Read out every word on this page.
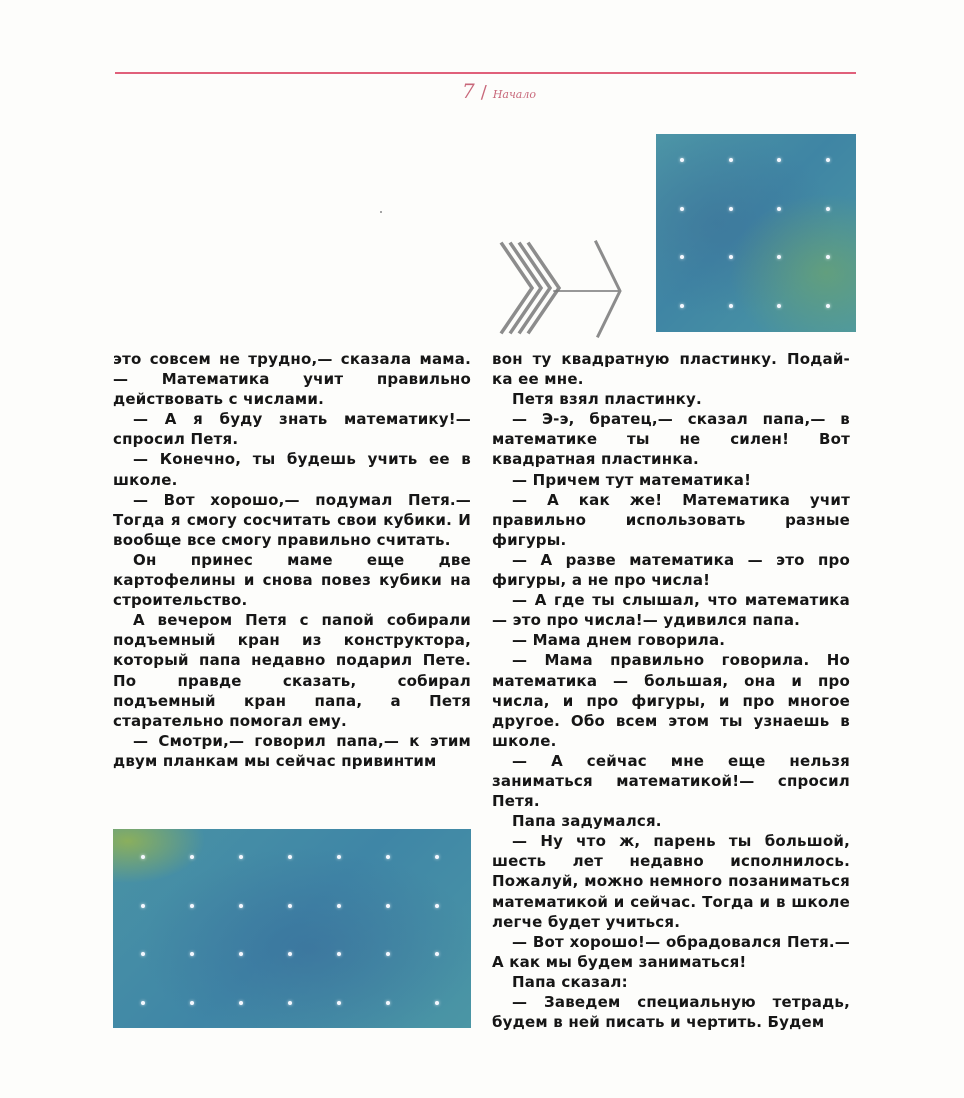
7 / Начало

это совсем не трудно,— сказала мама.— Математика учит правильно действовать с числами.

— А я буду знать математику!— спросил Петя.

— Конечно, ты будешь учить ее в школе.

— Вот хорошо,— подумал Петя.— Тогда я смогу сосчитать свои кубики. И вообще все смогу правильно считать.

Он принес маме еще две картофелины и снова повез кубики на строительство.

А вечером Петя с папой собирали подъемный кран из конструктора, который папа недавно подарил Пете. По правде сказать, собирал подъемный кран папа, а Петя старательно помогал ему.

— Смотри,— говорил папа,— к этим двум планкам мы сейчас привинтим

вон ту квадратную пластинку. Подай-ка ее мне.

Петя взял пластинку.

— Э-э, братец,— сказал папа,— в математике ты не силен! Вот квадратная пластинка.

— Причем тут математика!

— А как же! Математика учит правильно использовать разные фигуры.

— А разве математика — это про фигуры, а не про числа!

— А где ты слышал, что математика — это про числа!— удивился папа.

— Мама днем говорила.

— Мама правильно говорила. Но математика — большая, она и про числа, и про фигуры, и про многое другое. Обо всем этом ты узнаешь в школе.

— А сейчас мне еще нельзя заниматься математикой!— спросил Петя.

Папа задумался.

— Ну что ж, парень ты большой, шесть лет недавно исполнилось. Пожалуй, можно немного позаниматься математикой и сейчас. Тогда и в школе легче будет учиться.

— Вот хорошо!— обрадовался Петя.— А как мы будем заниматься!

Папа сказал:

— Заведем специальную тетрадь, будем в ней писать и чертить. Будем
